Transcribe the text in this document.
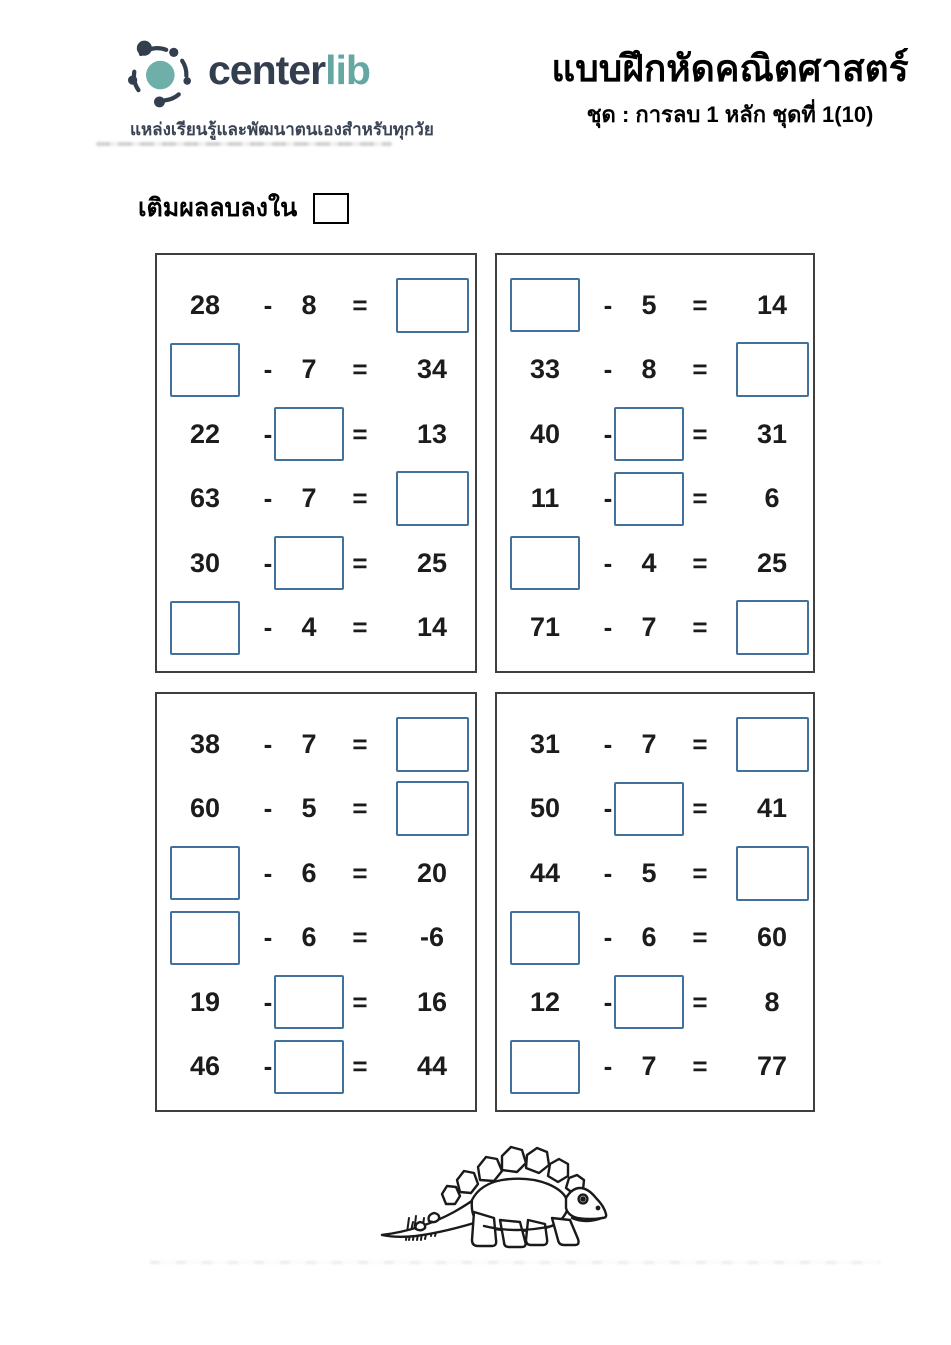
centerlib
แหล่งเรียนรู้และพัฒนาตนเองสำหรับทุกวัย
แบบฝึกหัดคณิตศาสตร์
ชุด : การลบ 1 หลัก ชุดที่ 1(10)
เติมผลลบลงใน
28 - 8 =
- 7 = 34
22 -	= 13
63 - 7 =
30 -	= 25
- 4 = 14
- 5 = 14
33 - 8 =
40 -	= 31
11 -	= 6
- 4 = 25
71 - 7 =
38 - 7 =
60 - 5 =
- 6 = 20
- 6 = -6
19 -	= 16
46 -	= 44
31 - 7 =
50 -	= 41
44 - 5 =
- 6 = 60
12 -	= 8
- 7 = 77
